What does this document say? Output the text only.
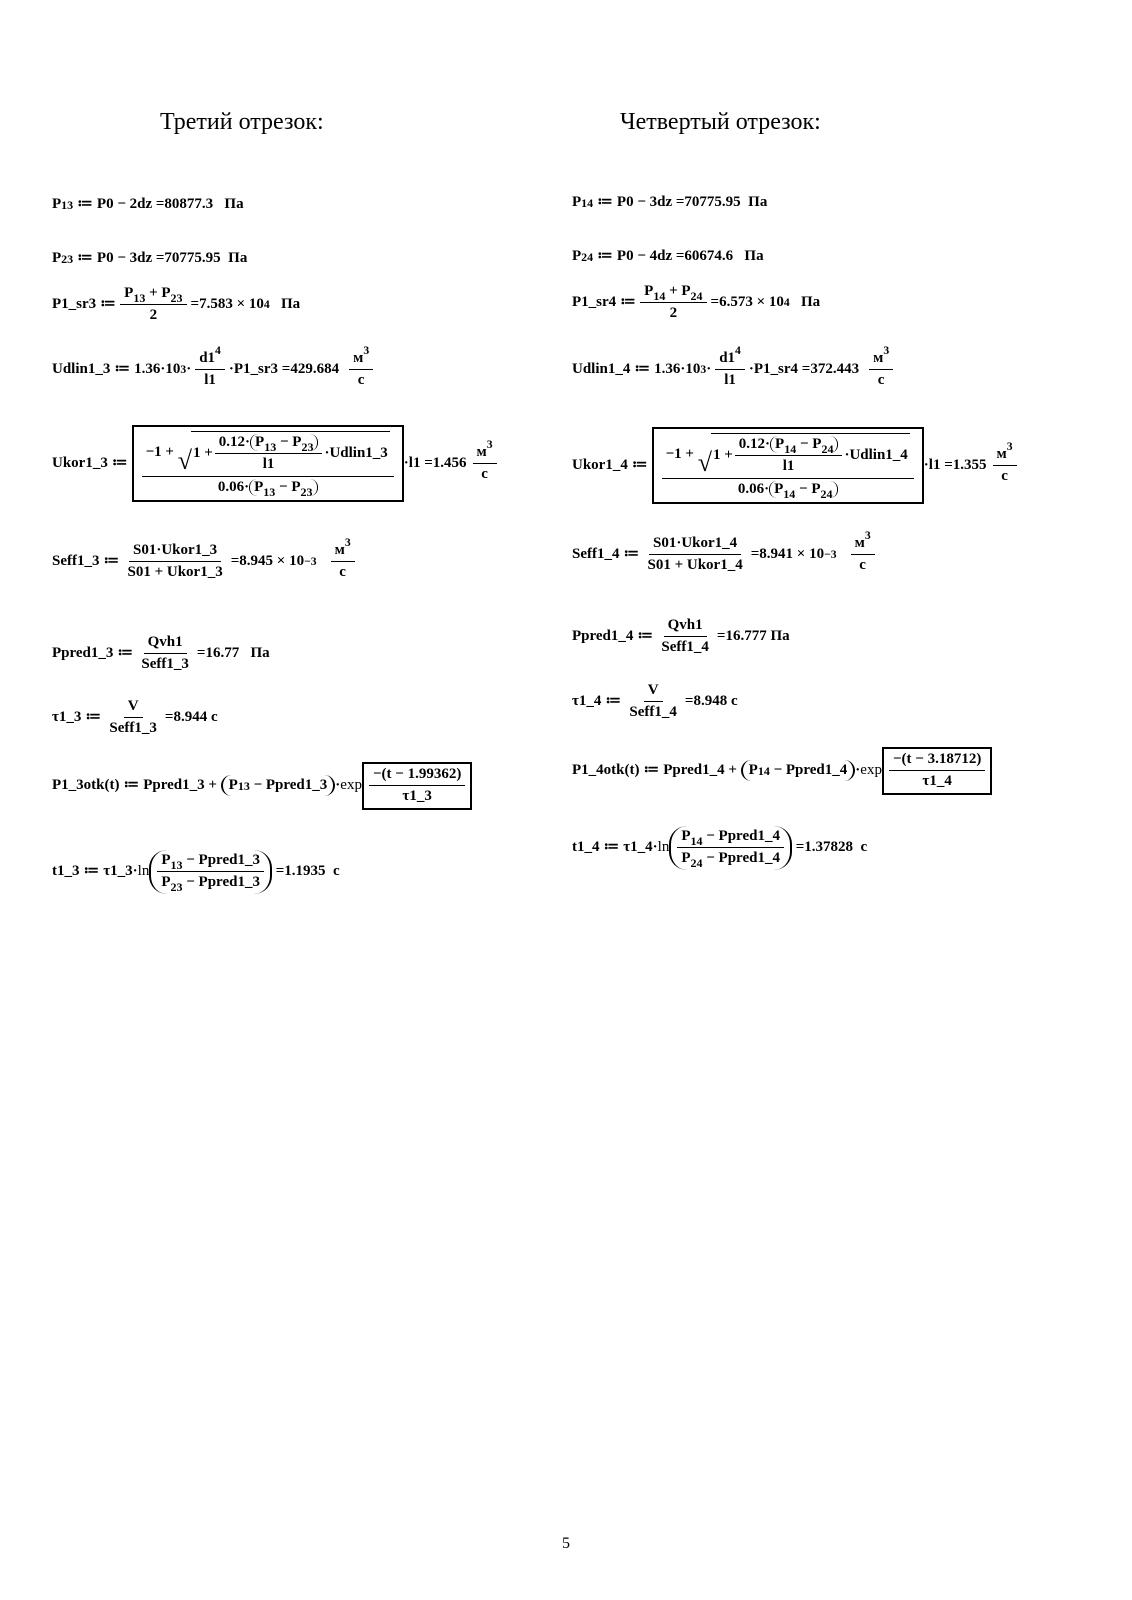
Третий отрезок:
P 13 ≔ P0 − 2dz = 80877.3
Па
P 23 ≔ P0 − 3dz = 70775.95
Па
P1_sr3 ≔ $\frac{P_{13} + P_{23}}{2} = 7.583 \times 10$ 4
Па
Udlin1_3 ≔ 1.36·10 $3 \cdot \frac{d1^4}{l1}$ ·P1_sr3 = $429.684 \frac{м^3}{с}$
Ukor1_3 ≔
−1 + √ $1 + \frac{0.12\cdot P_{13} - P_{23}}{l1}$ ·Udlin1_3
$0.06\cdot P_{13} - P_{23}$
$\cdot l1 = 1.456 \frac{м^3}{с}$
Seff1_3 ≔ $\frac{\text{S01·Ukor1\_3}}{\text{S01 + Ukor1\_3}} = 8.945 \times 10 -3 \frac{м^3}{с}$
Ppred1_3 ≔ $\frac{\text{Qvh1}}{\text{Seff1\_3}} = 16.77$
Па
τ1_3 ≔ $\frac{V}{\text{Seff1\_3}} = 8.944$
с
P1_3otk(t) ≔ Ppred1_3 + P 13 − Ppred1_3 · $\exp \frac{-(t - 1.99362)}{\tau 1\_3}$
t1_3 ≔ τ1_3· $\ln \frac{P_{13} - Ppred1\_3}{P_{23} - Ppred1\_3} = 1.1935$
с
Четвертый отрезок:
P 14 ≔ P0 − 3dz = 70775.95
Па
P 24 ≔ P0 − 4dz = 60674.6
Па
P1_sr4 ≔ $\frac{P_{14} + P_{24}}{2} = 6.573 \times 10$ 4
Па
Udlin1_4 ≔ 1.36·10 $3 \cdot \frac{d1^4}{l1}$ ·P1_sr4 = $372.443 \frac{м^3}{с}$
Ukor1_4 ≔
−1 + √ $1 + \frac{0.12\cdot P_{14} - P_{24}}{l1}$ ·Udlin1_4
$0.06\cdot P_{14} - P_{24}$
$\cdot l1 = 1.355 \frac{м^3}{с}$
Seff1_4 ≔ $\frac{\text{S01·Ukor1\_4}}{\text{S01 + Ukor1\_4}} = 8.941 \times 10 -3 \frac{м^3}{с}$
Ppred1_4 ≔ $\frac{\text{Qvh1}}{\text{Seff1\_4}} = 16.777$
Па
τ1_4 ≔ $\frac{V}{\text{Seff1\_4}} = 8.948$
с
P1_4otk(t) ≔ Ppred1_4 + P 14 − Ppred1_4 · $\exp \frac{-(t - 3.18712)}{\tau 1\_4}$
t1_4 ≔ τ1_4· $\ln \frac{P_{14} - Ppred1\_4}{P_{24} - Ppred1\_4} = 1.37828$
с
5
